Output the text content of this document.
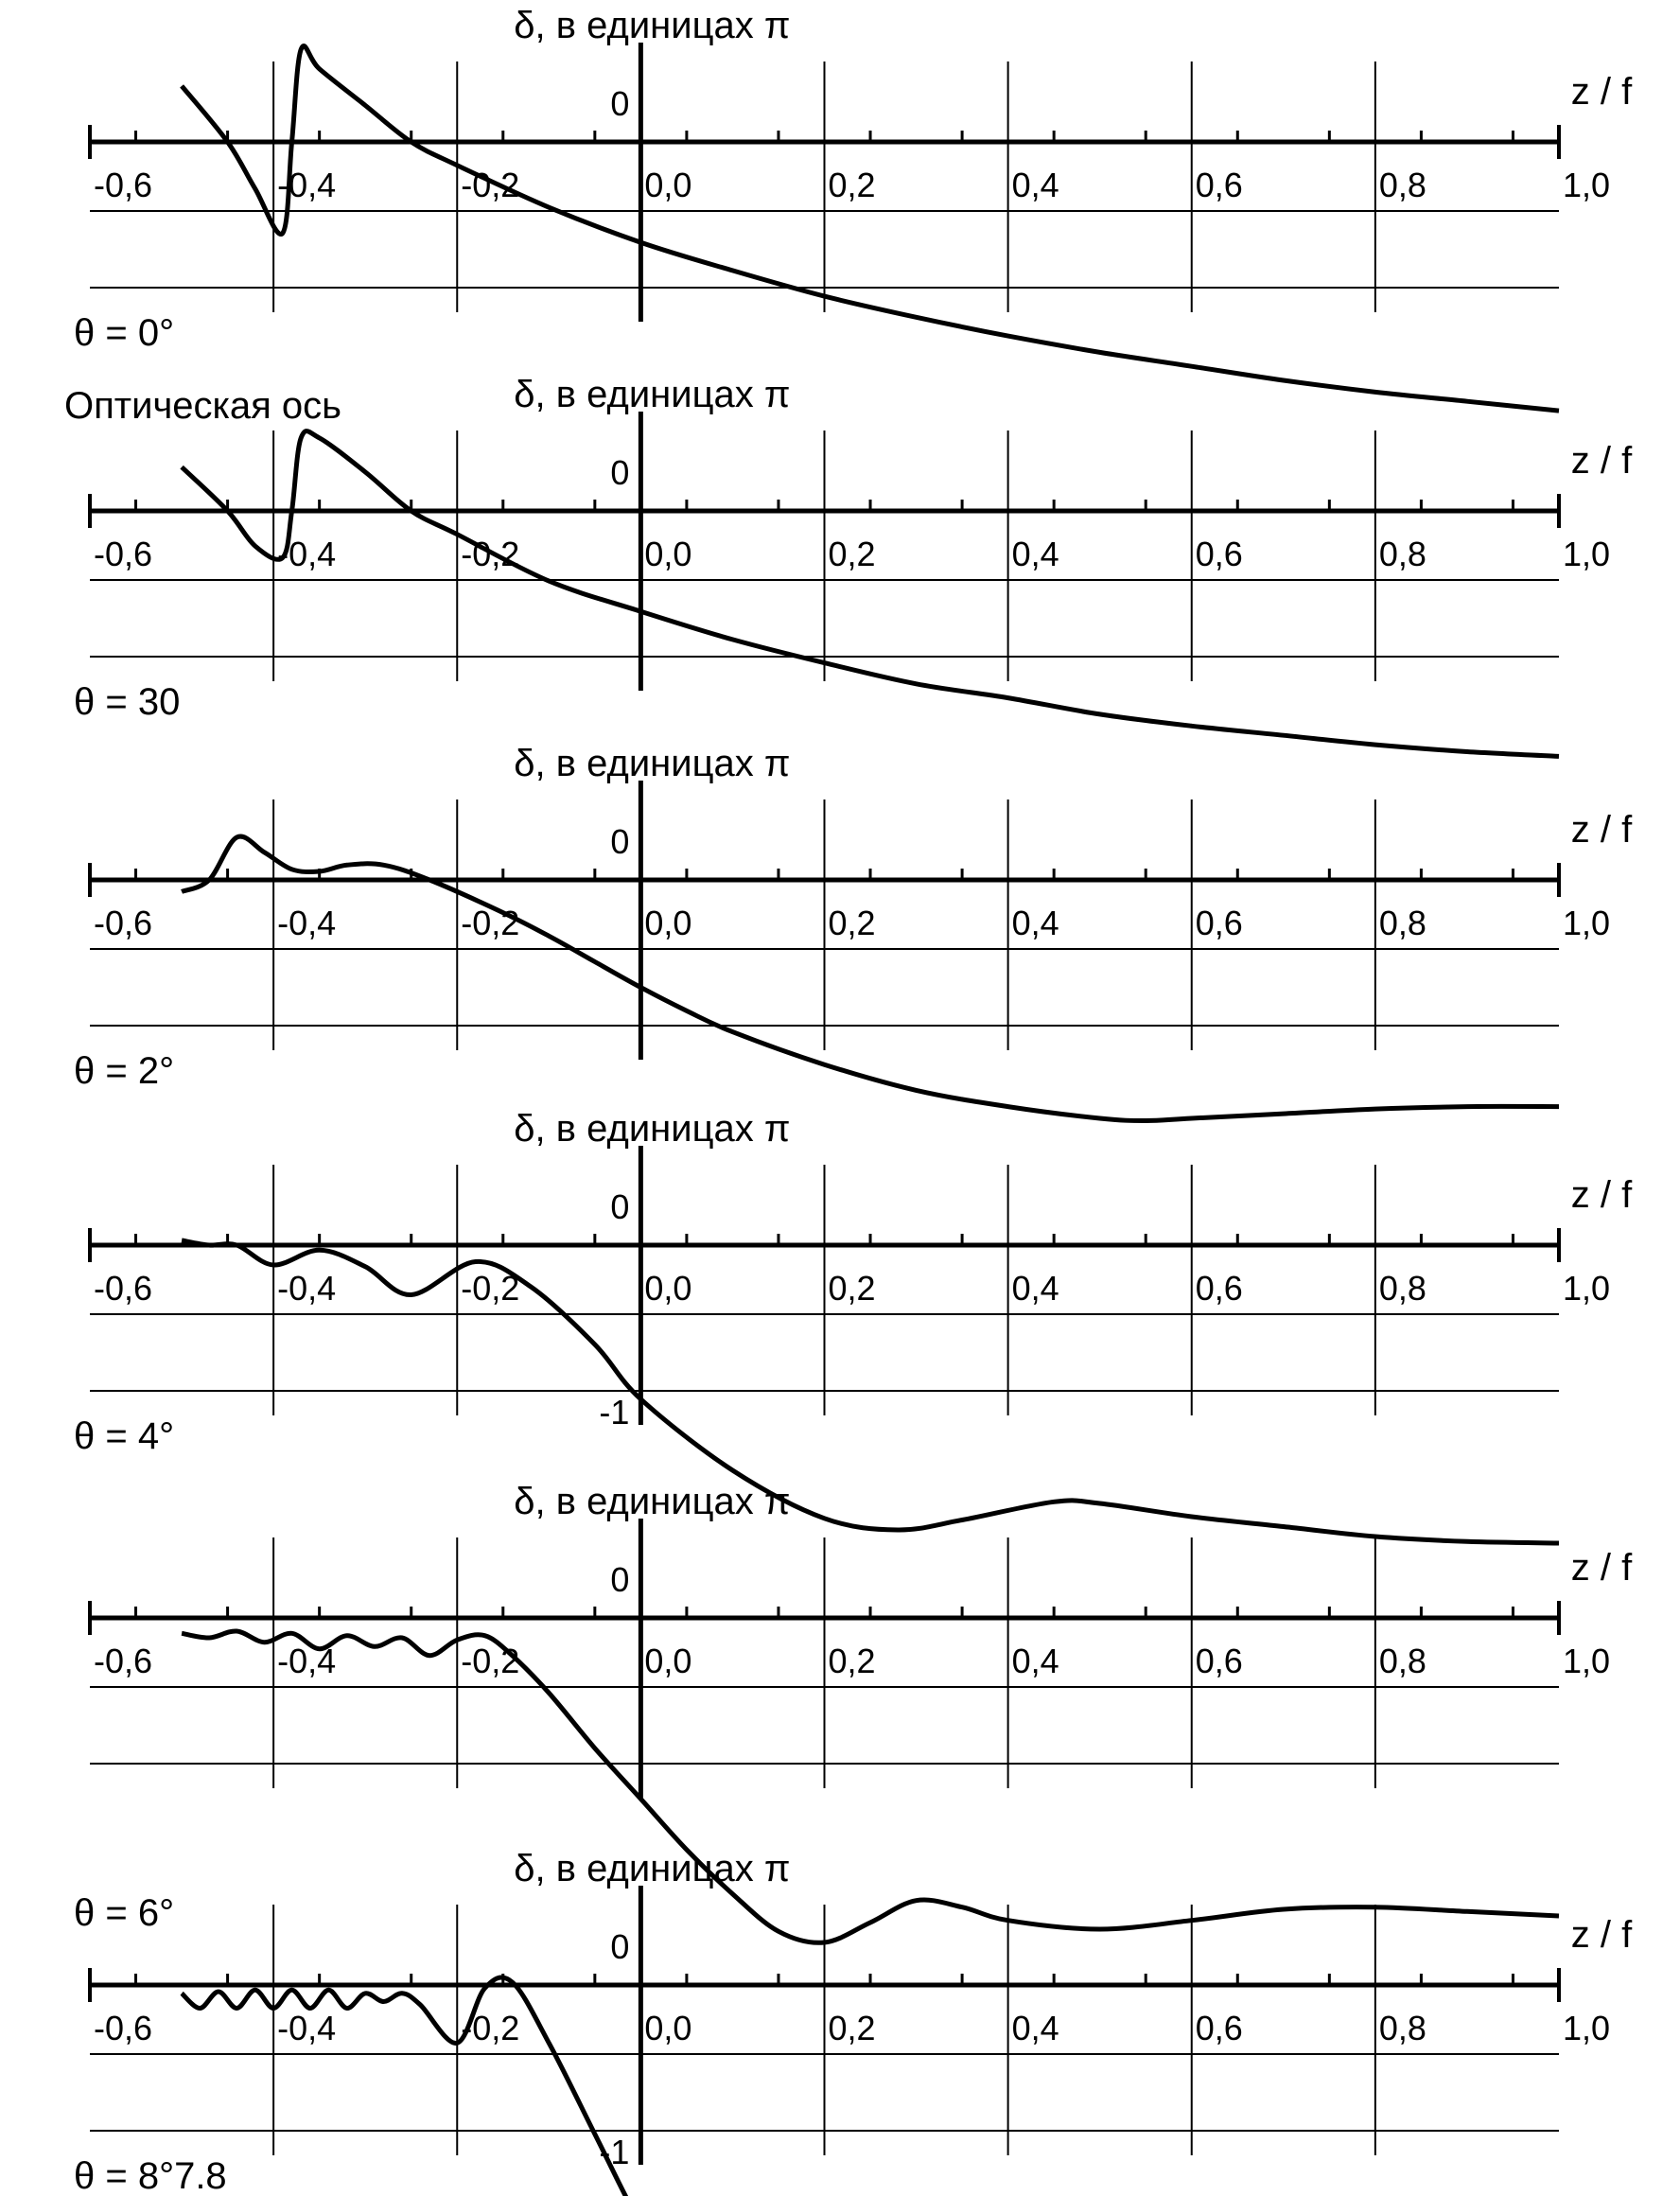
Оптическая ось
δ, в единицах π
-0,6	-0,4	-0,2	0,0	0,2	0,4	0,6	0,8	1,0
0	z / f
θ = 0°
δ, в единицах π
-0,6	-0,4	-0,2	0,0	0,2	0,4	0,6	0,8	1,0
0	z / f
θ = 30
δ, в единицах π
-0,6	-0,4	-0,2	0,0	0,2	0,4	0,6	0,8	1,0
0	z / f
θ = 2°
δ, в единицах π
-0,6	-0,4	-0,2	0,0	0,2	0,4	0,6	0,8	1,0
0
-1
z / f
θ = 4°
δ, в единицах π
-0,6	-0,4	-0,2	0,0	0,2	0,4	0,6	0,8	1,0
0	z / f
θ = 6°
δ, в единицах π
-0,6	-0,4	-0,2	0,0	0,2	0,4	0,6	0,8	1,0
0
-1
z / f
θ = 8°7.8
